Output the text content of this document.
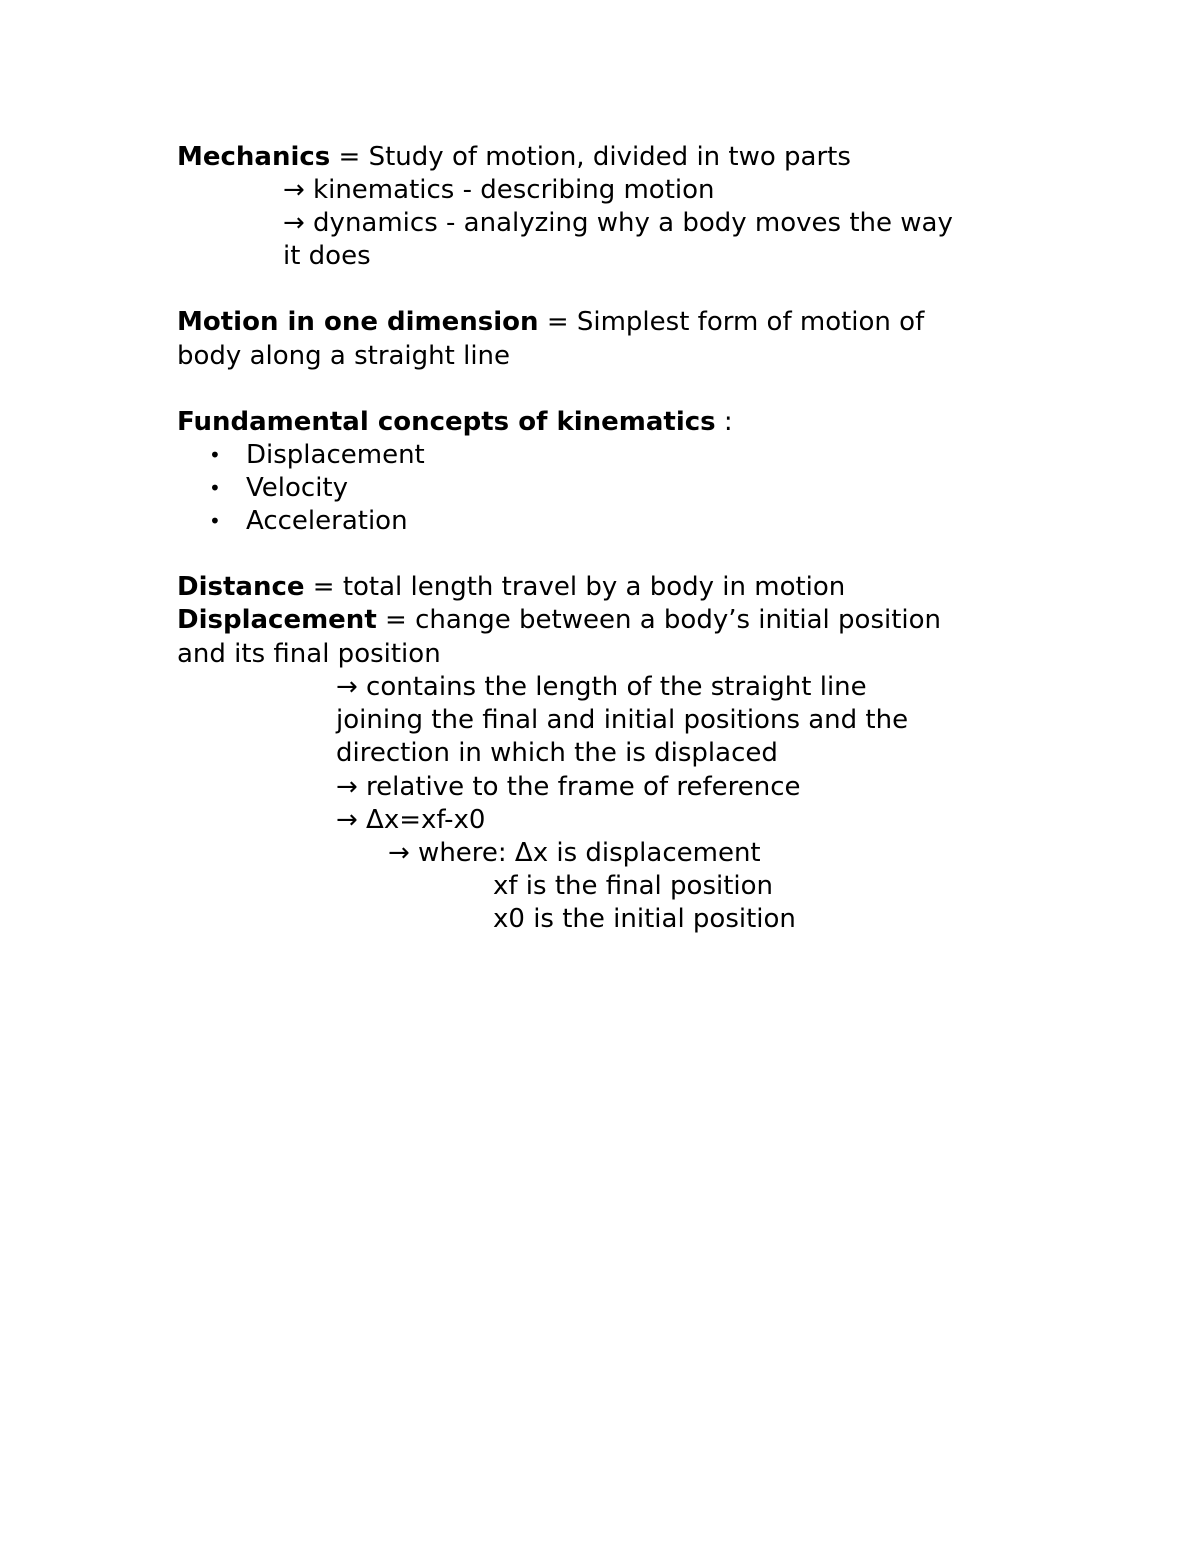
Mechanics = Study of motion, divided in two parts
→ kinematics - describing motion
→ dynamics - analyzing why a body moves the way
it does
Motion in one dimension = Simplest form of motion of
body along a straight line
Fundamental concepts of kinematics :
• Displacement
• Velocity
• Acceleration
Distance = total length travel by a body in motion
Displacement = change between a body’s initial position
and its final position
→ contains the length of the straight line
joining the final and initial positions and the
direction in which the is displaced
→ relative to the frame of reference
→ Δx=xf-x0
→ where: Δx is displacement
xf is the final position
x0 is the initial position
